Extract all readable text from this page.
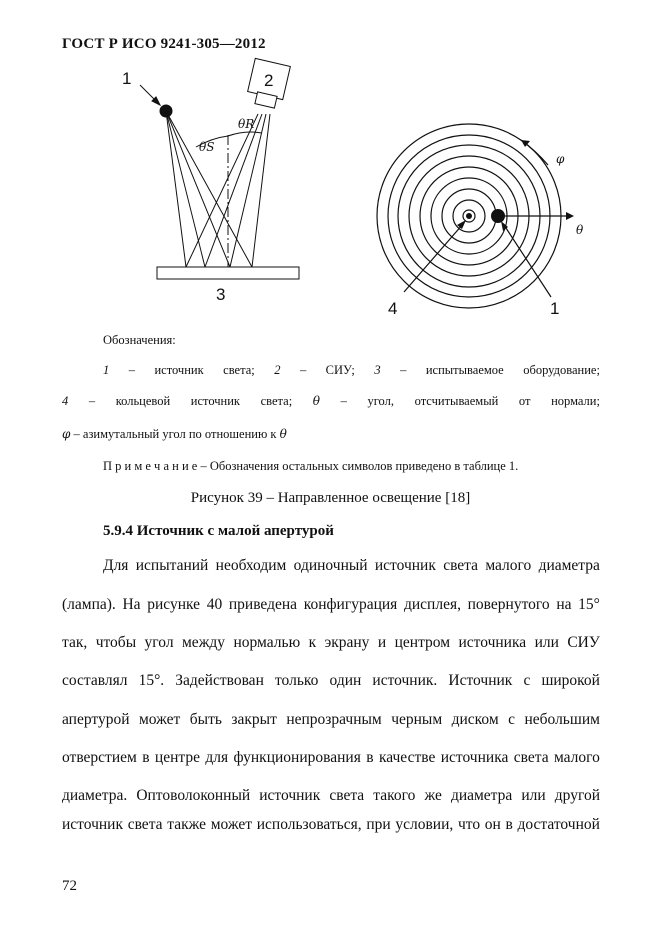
ГОСТ Р ИСО 9241-305—2012
1	2
3
θR
θS
φ
θ
4	1
Обозначения:
1 – источник света; 2 – СИУ; 3 – испытываемое оборудование;
4 – кольцевой источник света; θ – угол, отсчитываемый от нормали;
φ – азимутальный угол по отношению к θ
П р и м е ч а н и е – Обозначения остальных символов приведено в таблице 1.
Рисунок 39 – Направленное освещение [18]
5.9.4 Источник с малой апертурой
Для испытаний необходим одиночный источник света малого диаметра
(лампа). На рисунке 40 приведена конфигурация дисплея, повернутого на 15°
так, чтобы угол между нормалью к экрану и центром источника или СИУ
составлял 15°. Задействован только один источник. Источник с широкой
апертурой может быть закрыт непрозрачным черным диском с небольшим
отверстием в центре для функционирования в качестве источника света малого
диаметра. Оптоволоконный источник света такого же диаметра или другой
источник света также может использоваться, при условии, что он в достаточной
72
